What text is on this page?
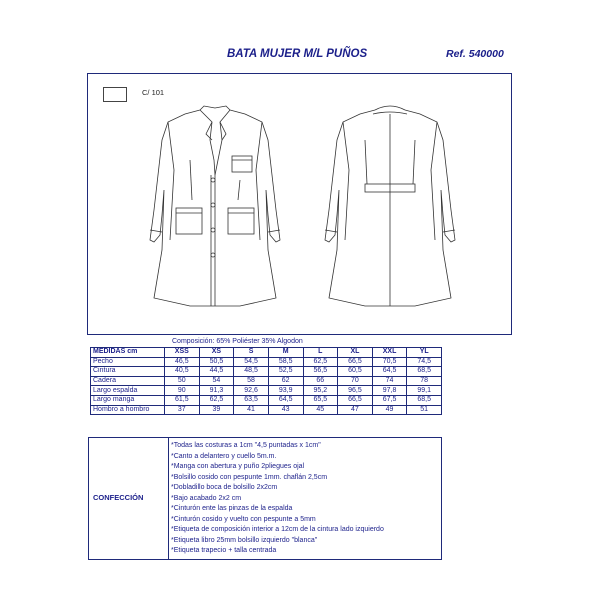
BATA MUJER M/L PUÑOS	Ref. 540000
C/ 101
Composición: 65% Poliéster 35% Algodon
MEDIDAS cm	XSS	XS	S	M	L	XL	XXL	YL
Pecho	46,5	50,5	54,5	58,5	62,5	66,5	70,5	74,5
Cintura	40,5	44,5	48,5	52,5	56,5	60,5	64,5	68,5
Cadera	50	54	58	62	66	70	74	78
Largo espalda	90	91,3	92,6	93,9	95,2	96,5	97,8	99,1
Largo manga	61,5	62,5	63,5	64,5	65,5	66,5	67,5	68,5
Hombro a hombro	37	39	41	43	45	47	49	51
CONFECCIÓN
*Todas las costuras a 1cm "4,5 puntadas x 1cm"
*Canto a delantero y cuello 5m.m.
*Manga con abertura y puño 2pliegues ojal
*Bolsillo cosido con pespunte 1mm. chaflán 2,5cm
*Dobladillo boca de bolsillo 2x2cm
*Bajo acabado 2x2 cm
*Cinturón ente las pinzas de la espalda
*Cinturón cosido y vuelto con pespunte a 5mm
*Etiqueta de composición interior a 12cm de la cintura lado izquierdo
*Etiqueta libro 25mm bolsillo izquierdo "blanca"
*Etiqueta trapecio + talla centrada
